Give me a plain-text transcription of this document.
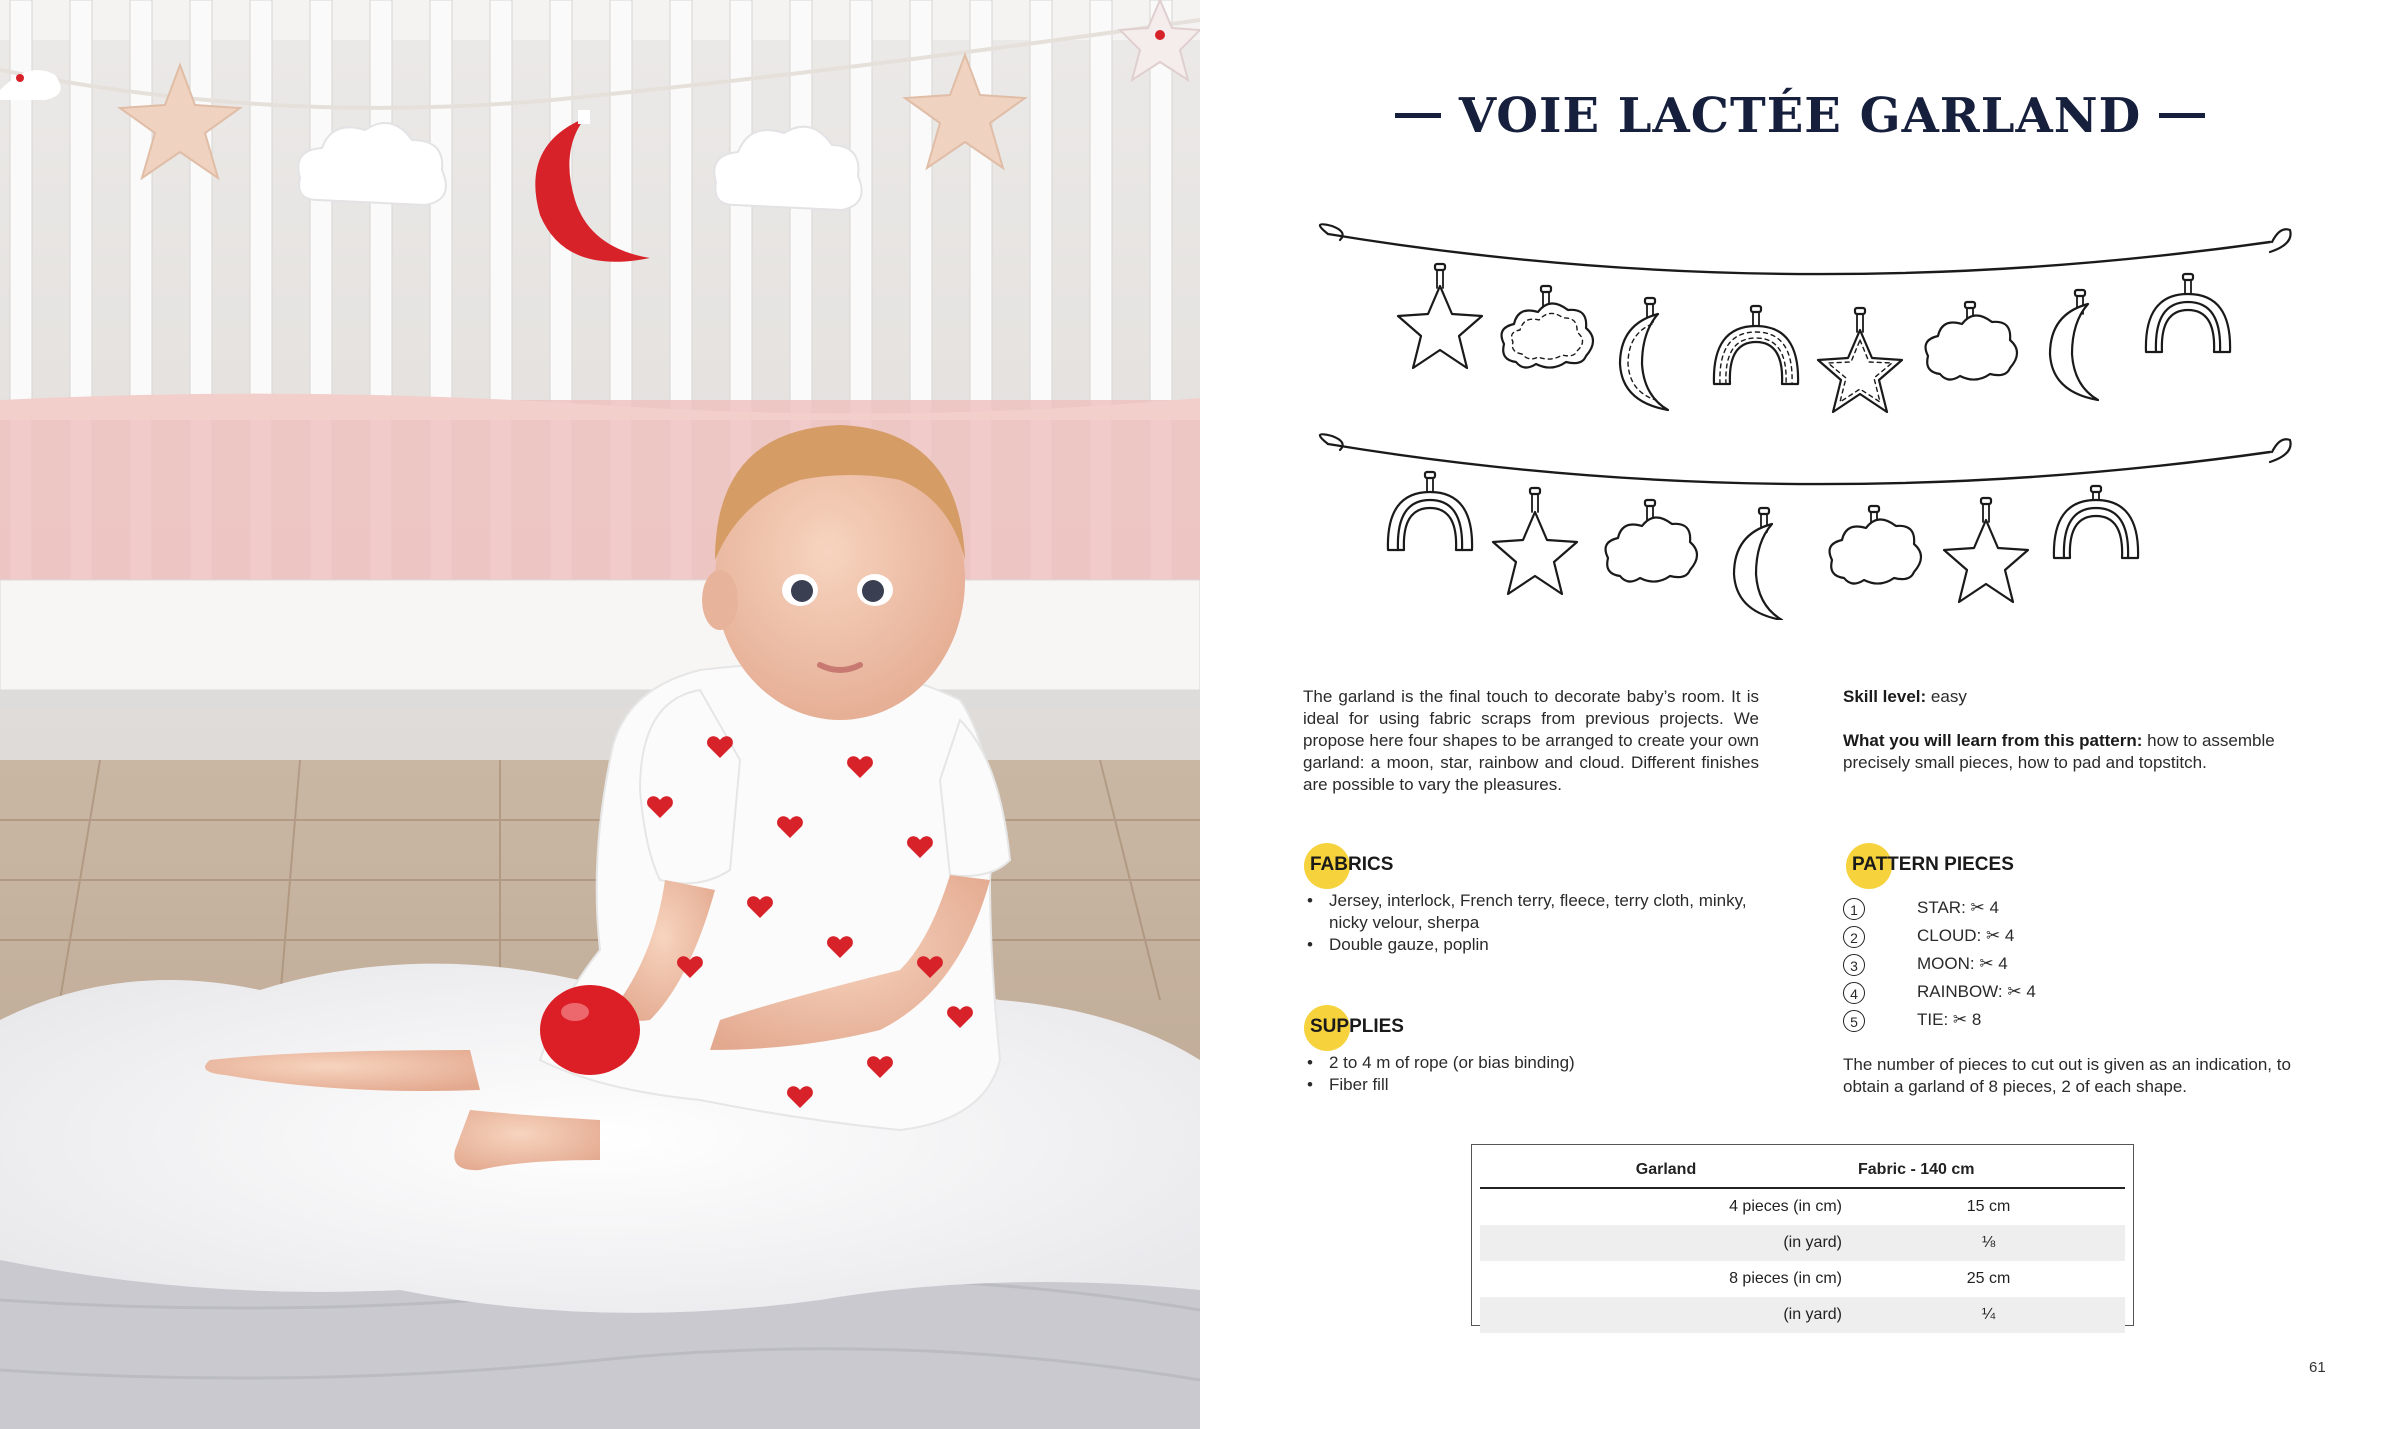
VOIE LACTÉE GARLAND

The garland is the final touch to decorate baby’s room. It is ideal for using fabric scraps from previous projects. We propose here four shapes to be arranged to create your own garland: a moon, star, rainbow and cloud. Different finishes are possible to vary the pleasures.

Skill level: easy

What you will learn from this pattern: how to assemble precisely small pieces, how to pad and topstitch.

FABRICS
• Jersey, interlock, French terry, fleece, terry cloth, minky, nicky velour, sherpa
• Double gauze, poplin
SUPPLIES
• 2 to 4 m of rope (or bias binding)
• Fiber fill
PATTERN PIECES
1	STAR: ✂ 4
2	CLOUD: ✂ 4
3	MOON: ✂ 4
4	RAINBOW: ✂ 4
5	TIE: ✂ 8

The number of pieces to cut out is given as an indication, to obtain a garland of 8 pieces, 2 of each shape.

Garland	Fabric - 140 cm
4 pieces (in cm)	15 cm
(in yard)	⅛
8 pieces (in cm)	25 cm
(in yard)	¼
61
